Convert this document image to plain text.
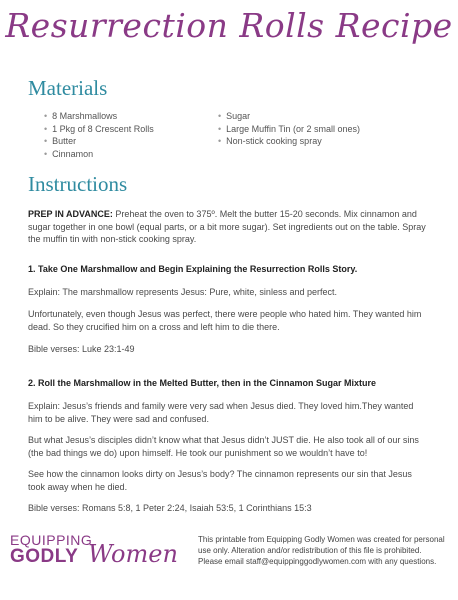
Resurrection Rolls Recipe
Materials
• 8 Marshmallows
• 1 Pkg of 8 Crescent Rolls
• Butter
• Cinnamon
• Sugar
• Large Muffin Tin (or 2 small ones)
• Non-stick cooking spray
Instructions
PREP IN ADVANCE: Preheat the oven to 375º. Melt the butter 15-20 seconds. Mix cinnamon and sugar together in one bowl (equal parts, or a bit more sugar). Set ingredients out on the table. Spray the muffin tin with non-stick cooking spray.
1. Take One Marshmallow and Begin Explaining the Resurrection Rolls Story.
Explain: The marshmallow represents Jesus: Pure, white, sinless and perfect.
Unfortunately, even though Jesus was perfect, there were people who hated him. They wanted him dead. So they crucified him on a cross and left him to die there.
Bible verses: Luke 23:1-49
2. Roll the Marshmallow in the Melted Butter, then in the Cinnamon Sugar Mixture
Explain: Jesus’s friends and family were very sad when Jesus died. They loved him.They wanted him to be alive. They were sad and confused.
But what Jesus’s disciples didn’t know what that Jesus didn’t JUST die. He also took all of our sins (the bad things we do) upon himself. He took our punishment so we wouldn’t have to!
See how the cinnamon looks dirty on Jesus’s body? The cinnamon represents our sin that Jesus took away when he died.
Bible verses: Romans 5:8, 1 Peter 2:24, Isaiah 53:5, 1 Corinthians 15:3
EQUIPPING
GODLY Women
This printable from Equipping Godly Women was created for personal use only. Alteration and/or redistribution of this file is prohibited. Please email staff@equippinggodlywomen.com with any questions.
